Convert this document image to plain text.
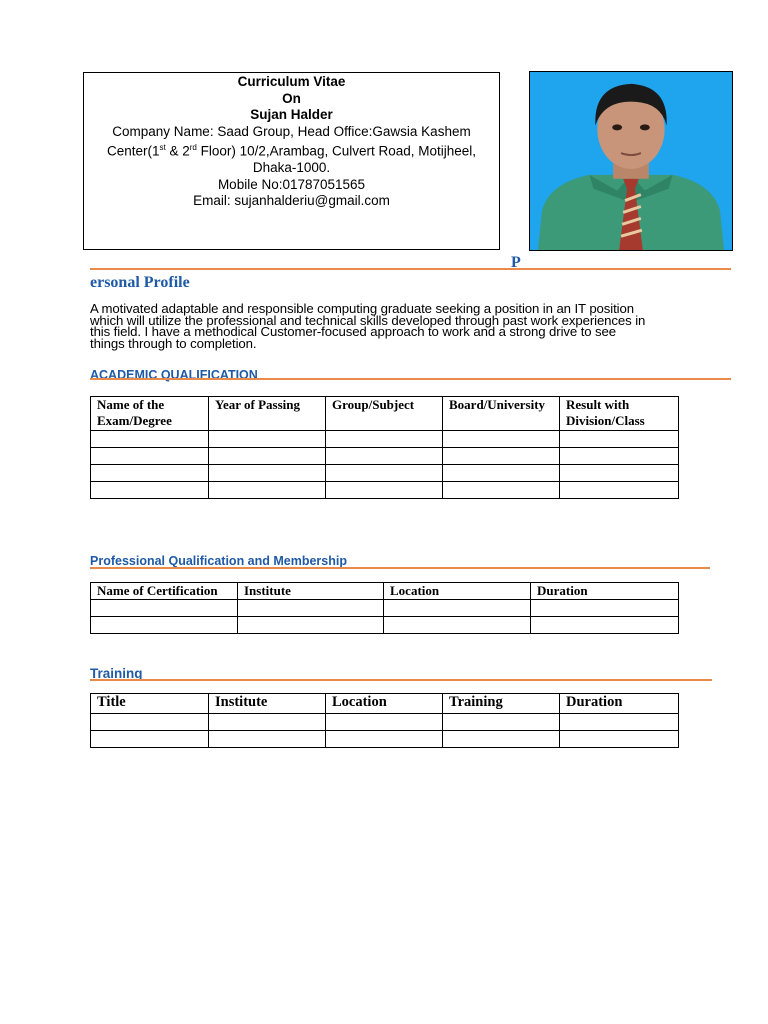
Curriculum Vitae
On
Sujan Halder
Company Name: Saad Group, Head Office:Gawsia Kashem Center(1st & 2rd Floor) 10/2,Arambag, Culvert Road, Motijheel, Dhaka-1000.
Mobile No:01787051565
Email: sujanhalderiu@gmail.com
P
ersonal Profile
A motivated adaptable and responsible computing graduate seeking a position in an IT position which will utilize the professional and technical skills developed through past work experiences in this field. I have a methodical Customer-focused approach to work and a strong drive to see things through to completion.
ACADEMIC QUALIFICATION
Name of the Exam/Degree	Year of Passing	Group/Subject	Board/University	Result with Division/Class

Professional Qualification and Membership
Name of Certification	Institute	Location	Duration

Training
Title	Institute	Location	Training	Duration
